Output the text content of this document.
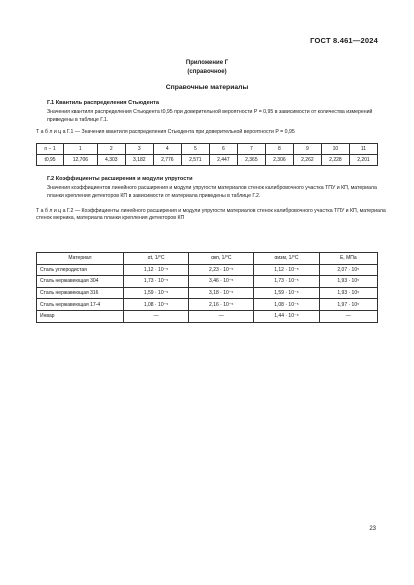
ГОСТ 8.461—2024
Приложение Г
(справочное)
Справочные материалы
Г.1 Квантиль распределения Стьюдента
Значения квантиля распределения Стьюдента t0,95 при доверительной вероятности P = 0,95 в зависимости от количества измерений приведены в таблице Г.1.
Т а б л и ц а Г.1 — Значения квантиля распределения Стьюдента при доверительной вероятности P = 0,95
n − 1	1	2	3	4	5	6	7	8	9	10	11
t0,95	12,706	4,303	3,182	2,776	2,571	2,447	2,365	2,306	2,262	2,228	2,201
Г.2 Коэффициенты расширения и модули упругости
Значения коэффициентов линейного расширения и модули упругости материалов стенок калибровочного участка ТПУ и КП, материала планки крепления детекторов КП в зависимости от материала приведены в таблице Г.2.
Т а б л и ц а Г.2 — Коэффициенты линейного расширения и модули упругости материалов стенок калибровочного участка ТПУ и КП, материала стенок мерника, материала планки крепления детекторов КП
Материал	αt, 1/°C	αкп, 1/°C	αизм, 1/°C	E, МПа
Сталь углеродистая	1,12 · 10⁻⁵	2,23 · 10⁻⁵	1,12 · 10⁻⁵	2,07 · 10⁵
Сталь нержавеющая 304	1,73 · 10⁻⁵	3,46 · 10⁻⁵	1,73 · 10⁻⁵	1,93 · 10⁵
Сталь нержавеющая 316	1,59 · 10⁻⁵	3,18 · 10⁻⁵	1,59 · 10⁻⁵	1,93 · 10⁵
Сталь нержавеющая 17-4	1,08 · 10⁻⁵	2,16 · 10⁻⁵	1,08 · 10⁻⁵	1,97 · 10⁵
Инвар	—	—	1,44 · 10⁻⁶	—
23
